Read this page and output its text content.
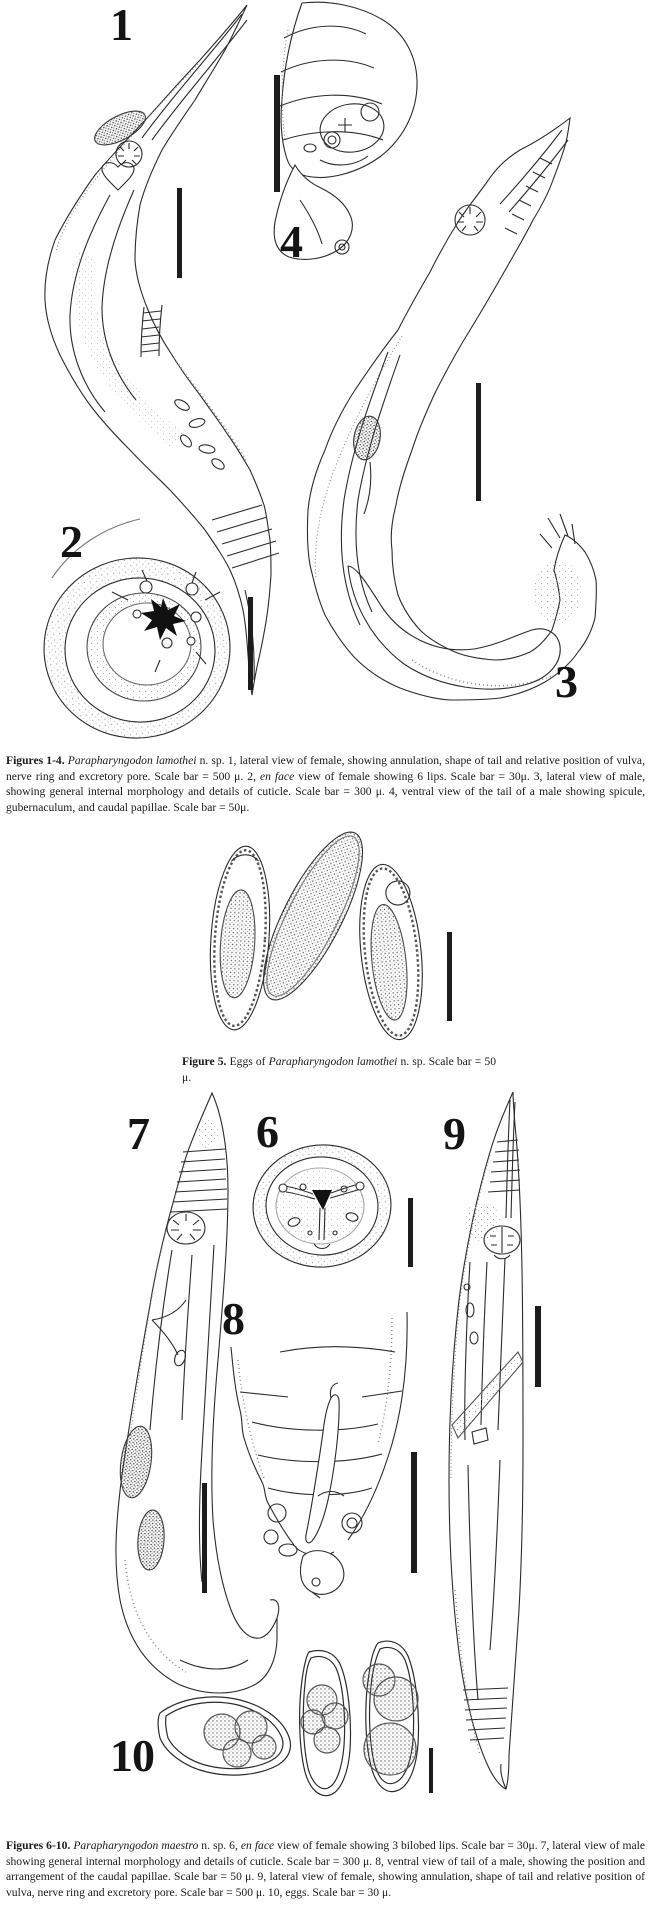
1
4
2
3
7 6	9
8
10

Figures 1-4. Parapharyngodon lamothei n. sp. 1, lateral view of female, showing annulation, shape of tail and relative position of vulva, nerve ring and excretory pore. Scale bar = 500 μ. 2, en face view of female showing 6 lips. Scale bar = 30μ. 3, lateral view of male, showing general internal morphology and details of cuticle. Scale bar = 300 μ. 4, ventral view of the tail of a male showing spicule, gubernaculum, and caudal papillae. Scale bar = 50μ.

Figure 5. Eggs of Parapharyngodon lamothei n. sp. Scale bar = 50 μ.

Figures 6-10. Parapharyngodon maestro n. sp. 6, en face view of female showing 3 bilobed lips. Scale bar = 30μ. 7, lateral view of male showing general internal morphology and details of cuticle. Scale bar = 300 μ. 8, ventral view of tail of a male, showing the position and arrangement of the caudal papillae. Scale bar = 50 μ. 9, lateral view of female, showing annulation, shape of tail and relative position of vulva, nerve ring and excretory pore. Scale bar = 500 μ. 10, eggs. Scale bar = 30 μ.
